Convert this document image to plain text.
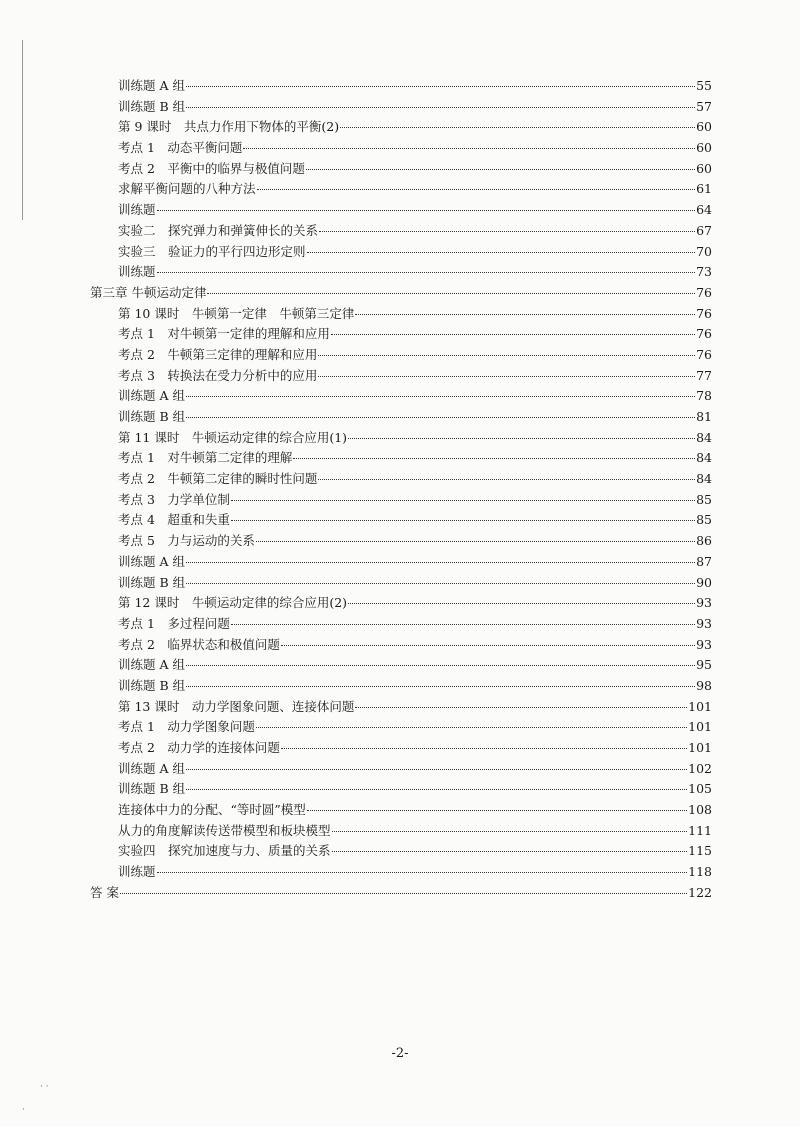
训练题 A 组	55
训练题 B 组	57
第 9 课时　共点力作用下物体的平衡(2)	60
考点 1　动态平衡问题	60
考点 2　平衡中的临界与极值问题	60
求解平衡问题的八种方法	61
训练题	64
实验二　探究弹力和弹簧伸长的关系	67
实验三　验证力的平行四边形定则	70
训练题	73
第三章 牛顿运动定律	76
第 10 课时　牛顿第一定律　牛顿第三定律	76
考点 1　对牛顿第一定律的理解和应用	76
考点 2　牛顿第三定律的理解和应用	76
考点 3　转换法在受力分析中的应用	77
训练题 A 组	78
训练题 B 组	81
第 11 课时　牛顿运动定律的综合应用(1)	84
考点 1　对牛顿第二定律的理解	84
考点 2　牛顿第二定律的瞬时性问题	84
考点 3　力学单位制	85
考点 4　超重和失重	85
考点 5　力与运动的关系	86
训练题 A 组	87
训练题 B 组	90
第 12 课时　牛顿运动定律的综合应用(2)	93
考点 1　多过程问题	93
考点 2　临界状态和极值问题	93
训练题 A 组	95
训练题 B 组	98
第 13 课时　动力学图象问题、连接体问题	101
考点 1　动力学图象问题	101
考点 2　动力学的连接体问题	101
训练题 A 组	102
训练题 B 组	105
连接体中力的分配、“等时圆”模型	108
从力的角度解读传送带模型和板块模型	111
实验四　探究加速度与力、质量的关系	115
训练题	118
答 案	122
-2-
· ·
·
